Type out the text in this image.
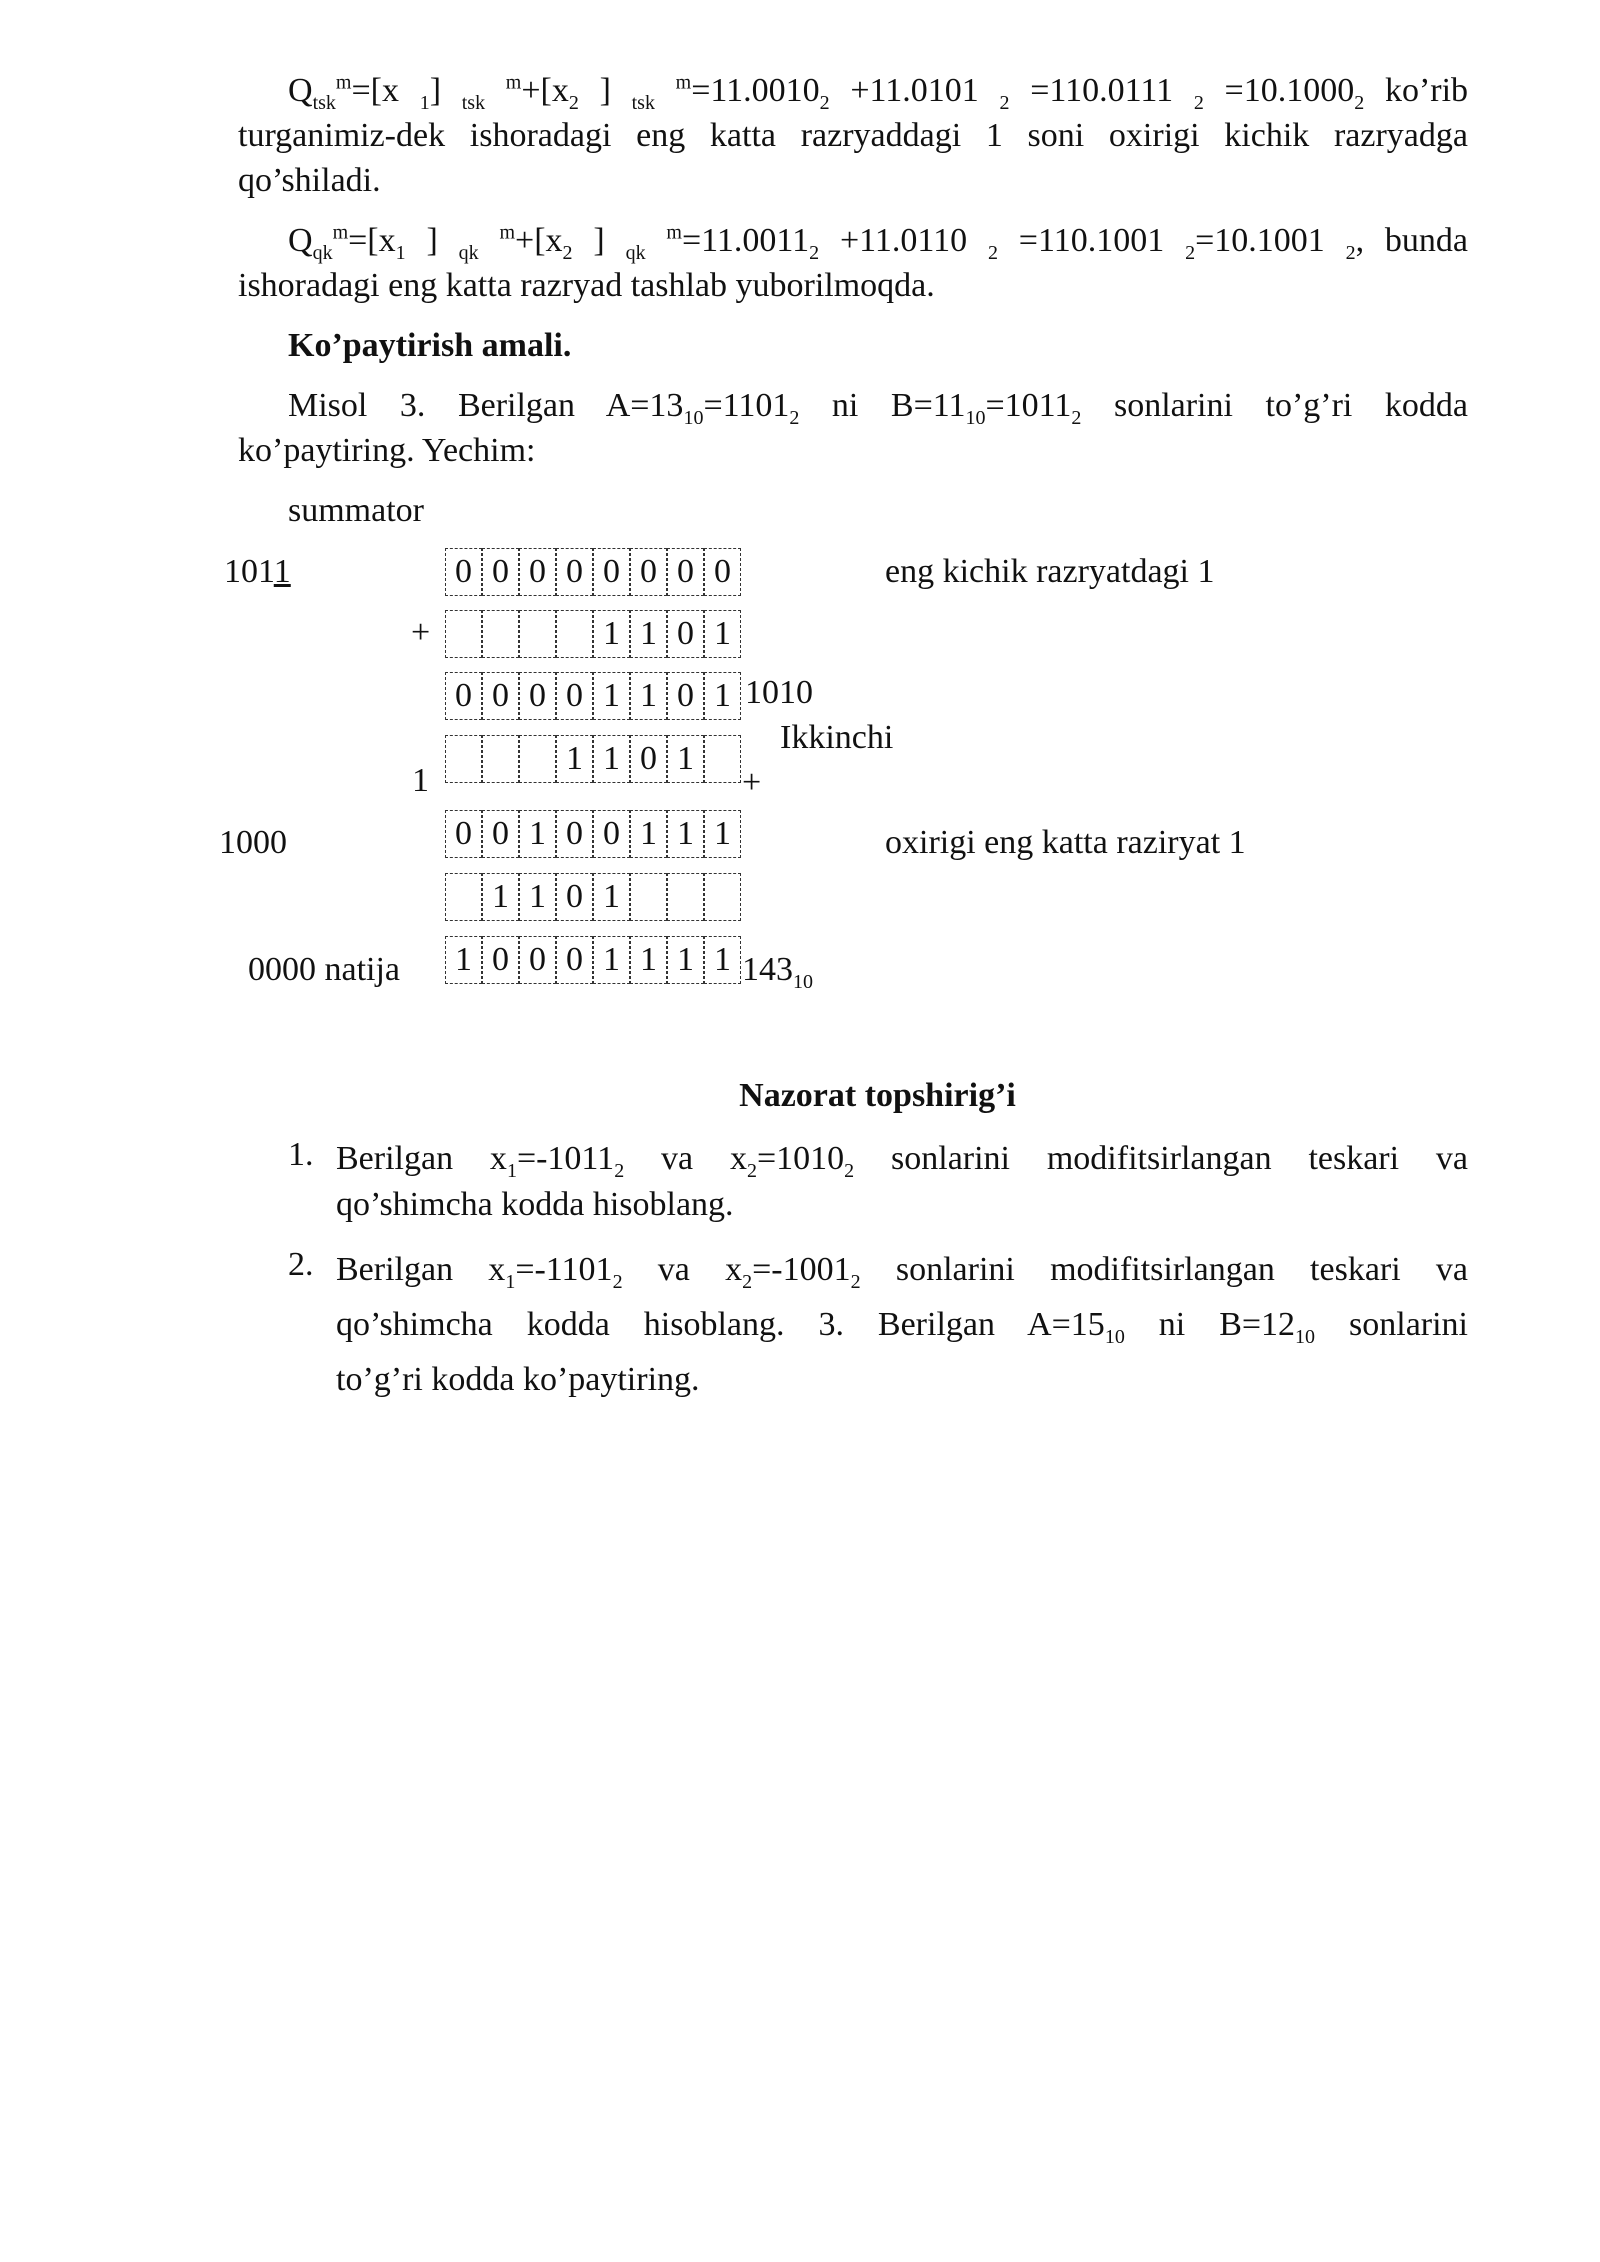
$Q_{tsk}^m=[x$ $_1$] $_{tsk}$ $^m+[x_2$ ] $_{tsk}$ $^m=11.0010_2 +11.0101$ $_2$ =110.0111 $_2 =10.1000_2$ ko’rib

turganimiz-dek ishoradagi eng katta razryaddagi 1 soni oxirigi kichik razryadga

qo’shiladi.

$Q_{qk}^m=[x_1$ ] $_{qk}$ $^m+[x_2$ ] $_{qk}$ $^m=11.0011_2 +11.0110$ $_2$ =110.1001 $_2$=10.1001 $_2$, bunda

ishoradagi eng katta razryad tashlab yuborilmoqda.

Ko’paytirish amali.

Misol 3. Berilgan $A=13_{10}=1101_2$ ni $B=11_{10}=1011_2$ sonlarini to’g’ri kodda

ko’paytiring. Yechim:

summator
1011
+
1
1000
0000 natija
0 0 0 0 0 0 0 0
1 1 0 1
0 0 0 0 1 1 0 1
1 1 0 1
0 0 1 0 0 1 1 1
1 1 0 1
1 0 0 0 1 1 1 1
eng kichik razryatdagi 1
1010
Ikkinchi
+
oxirigi eng katta raziryat 1
$143_{10}$
Nazorat topshirig’i
1. Berilgan $x_1=-1011_2$ va $x_2=1010_2$ sonlarini modifitsirlangan teskari va
qo’shimcha kodda hisoblang.
2. Berilgan $x_1=-1101_2$ va $x_2=-1001_2$ sonlarini modifitsirlangan teskari va
qo’shimcha kodda hisoblang. 3. Berilgan $A=15_{10}$ ni $B=12_{10}$ sonlarini
to’g’ri kodda ko’paytiring.
